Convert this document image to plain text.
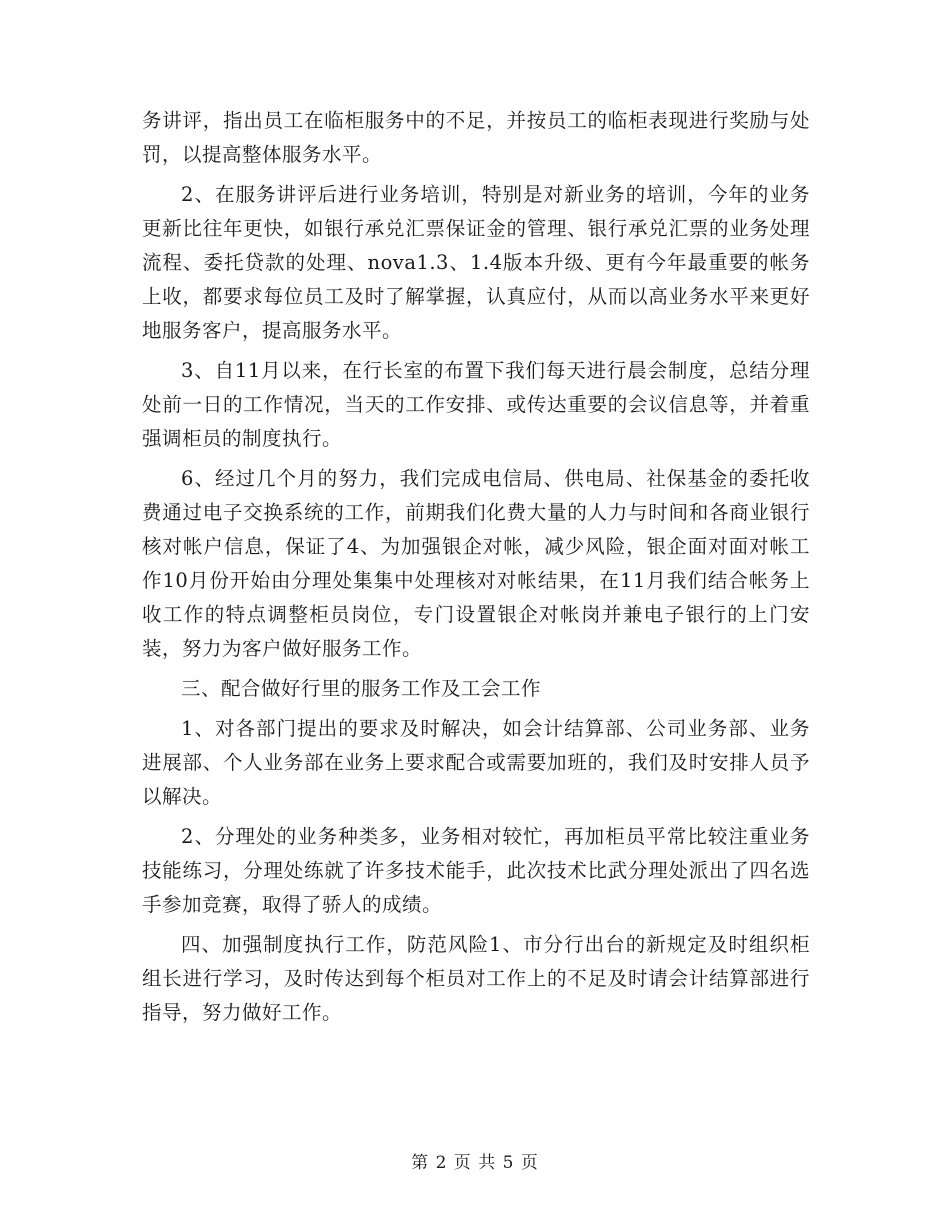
务讲评，指出员工在临柜服务中的不足，并按员工的临柜表现进行奖励与处罚，以提高整体服务水平。

2、在服务讲评后进行业务培训，特别是对新业务的培训，今年的业务更新比往年更快，如银行承兑汇票保证金的管理、银行承兑汇票的业务处理流程、委托贷款的处理、nova1.3、1.4版本升级、更有今年最重要的帐务上收，都要求每位员工及时了解掌握，认真应付，从而以高业务水平来更好地服务客户，提高服务水平。

3、自11月以来，在行长室的布置下我们每天进行晨会制度，总结分理处前一日的工作情况，当天的工作安排、或传达重要的会议信息等，并着重强调柜员的制度执行。

6、经过几个月的努力，我们完成电信局、供电局、社保基金的委托收费通过电子交换系统的工作，前期我们化费大量的人力与时间和各商业银行核对帐户信息，保证了4、为加强银企对帐，减少风险，银企面对面对帐工作10月份开始由分理处集集中处理核对对帐结果，在11月我们结合帐务上收工作的特点调整柜员岗位，专门设置银企对帐岗并兼电子银行的上门安装，努力为客户做好服务工作。

三、配合做好行里的服务工作及工会工作

1、对各部门提出的要求及时解决，如会计结算部、公司业务部、业务进展部、个人业务部在业务上要求配合或需要加班的，我们及时安排人员予以解决。

2、分理处的业务种类多，业务相对较忙，再加柜员平常比较注重业务技能练习，分理处练就了许多技术能手，此次技术比武分理处派出了四名选手参加竞赛，取得了骄人的成绩。

四、加强制度执行工作，防范风险1、市分行出台的新规定及时组织柜组长进行学习，及时传达到每个柜员对工作上的不足及时请会计结算部进行指导，努力做好工作。

第 2 页 共 5 页
